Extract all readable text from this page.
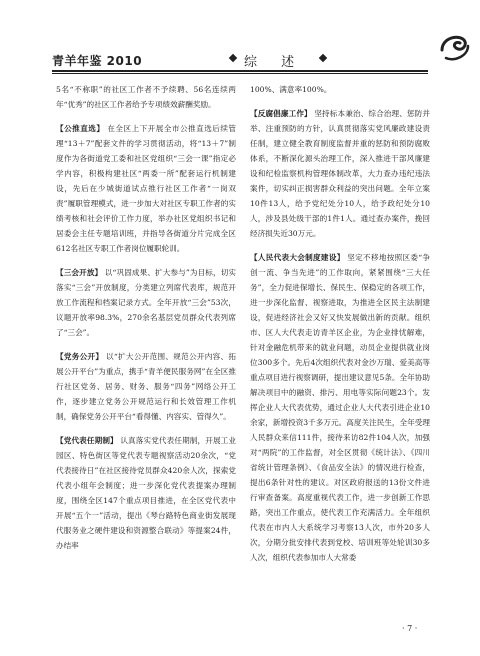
青羊年鉴 2010	综 述

5名“不称职”的社区工作者不予续聘、56名连续两年“优秀”的社区工作者给予专项绩效薪酬奖励。

【公推直选】 在全区上下开展全市公推直选后续管理“13＋7”配套文件的学习贯彻活动，将“13＋7”制度作为各街道党工委和社区党组织“三会一课”指定必学内容，积极构建社区“两委一所”配套运行机制建设，先后在少城街道试点推行社区工作者“一岗双责”履职管理模式，进一步加大对社区专职工作者的实绩考核和社会评价工作力度，举办社区党组织书记和居委会主任专题培训班，并指导各街道分片完成全区612名社区专职工作者岗位履职轮训。

【三会开放】 以“巩固成果、扩大参与”为目标，切实落实“三会”开放制度，分类建立列席代表库，规范开放工作流程和档案记录方式。全年开放“三会”53次，议题开放率98.3%，270余名基层党员群众代表列席了“三会”。

【党务公开】 以“扩大公开范围、规范公开内容、拓展公开平台”为重点，携手“青羊便民服务网”在全区推行社区党务、居务、财务、服务“四务”网络公开工作，逐步建立党务公开规范运行和长效管理工作机制，确保党务公开平台“看得懂、内容实、管得久”。

【党代表任期制】 认真落实党代表任期制，开展工业园区、特色街区等党代表专题视察活动20余次，“党代表接待日”在社区接待党员群众420余人次，探索党代表小组年会制度；进一步深化党代表提案办理制度，围绕全区147个重点项目推进，在全区党代表中开展“五个一”活动，提出《琴台路特色商业街发展现代服务业之硬件建设和资源整合联动》等提案24件，办结率

100%、满意率100%。

【反腐倡廉工作】 坚持标本兼治、综合治理、惩防并举、注重预防的方针，认真贯彻落实党风廉政建设责任制，建立健全教育制度监督并重的惩防和预防腐败体系，不断深化源头治理工作，深入推进干部风廉建设和纪检监察机构管理体制改革，大力查办违纪违法案件，切实纠正损害群众利益的突出问题。全年立案10件13人，给予党纪处分10人，给予政纪处分10人，涉及县处级干部的1件1人。通过查办案件，挽回经济损失近30万元。

【人民代表大会制度建设】 坚定不移地按照区委“争创一流、争当先进”的工作取向，紧紧围绕“三大任务”，全力促进保增长、保民生、保稳定的各项工作，进一步深化监督、视察进取，为推进全区民主法制建设，促进经济社会又好又快发展做出新的贡献。组织市、区人大代表走访青羊区企业，为企业排忧解难，针对金融危机带来的就业问题，动员企业提供就业岗位300多个。先后4次组织代表对金沙万瑞、爱美高等重点项目进行视察调研，提出建议意见5条。全年协助解决项目中的融资、排污、用电等实际问题23个。发挥企业人大代表优势，通过企业人大代表引进企业10余家，新增投资3千多万元。高度关注民生，全年受理人民群众来信111件，接待来访82件104人次，加强对“两院”的工作监督，对全区贯彻《统计法》、《四川省统计管理条例》、《食品安全法》的情况进行检查，提出6条针对性的建议。对区政府报送的13份文件进行审查备案。高度重视代表工作，进一步创新工作思路，突出工作重点，使代表工作充满活力。全年组织代表在市内人大系统学习考察13人次，市外20多人次，分期分批安排代表到党校、培训班等处轮训30多人次，组织代表参加市人大常委

· 7 ·
